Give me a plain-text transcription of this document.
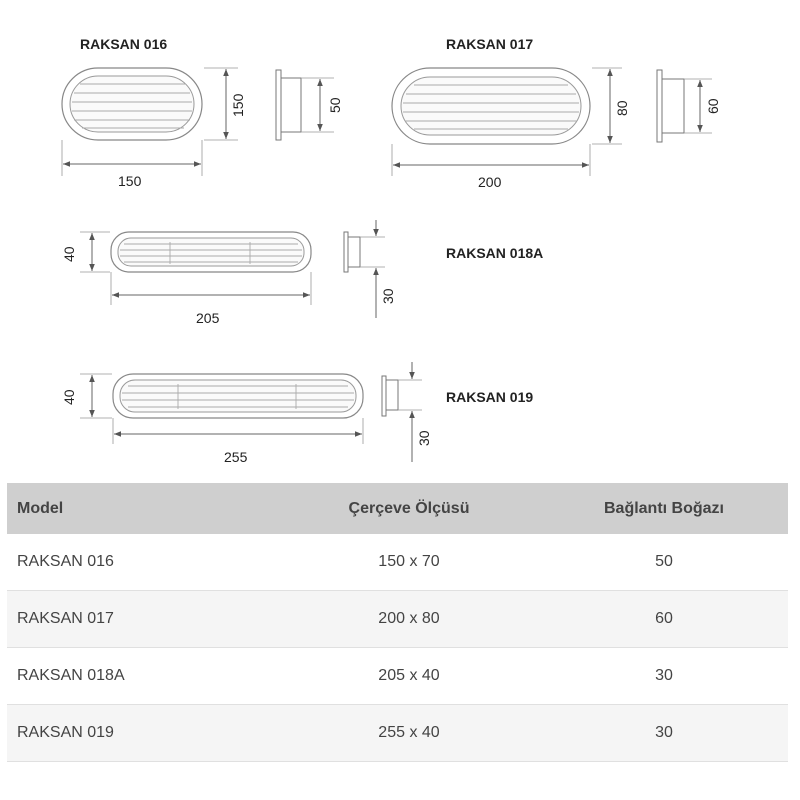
RAKSAN 016
150
150	50
RAKSAN 017
200
80	60
RAKSAN 018A
40
205
30
RAKSAN 019
40
255
30
Model	Çerçeve Ölçüsü	Bağlantı Boğazı
RAKSAN 016	150 x 70	50
RAKSAN 017	200 x 80	60
RAKSAN 018A	205 x 40	30
RAKSAN 019	255 x 40	30
